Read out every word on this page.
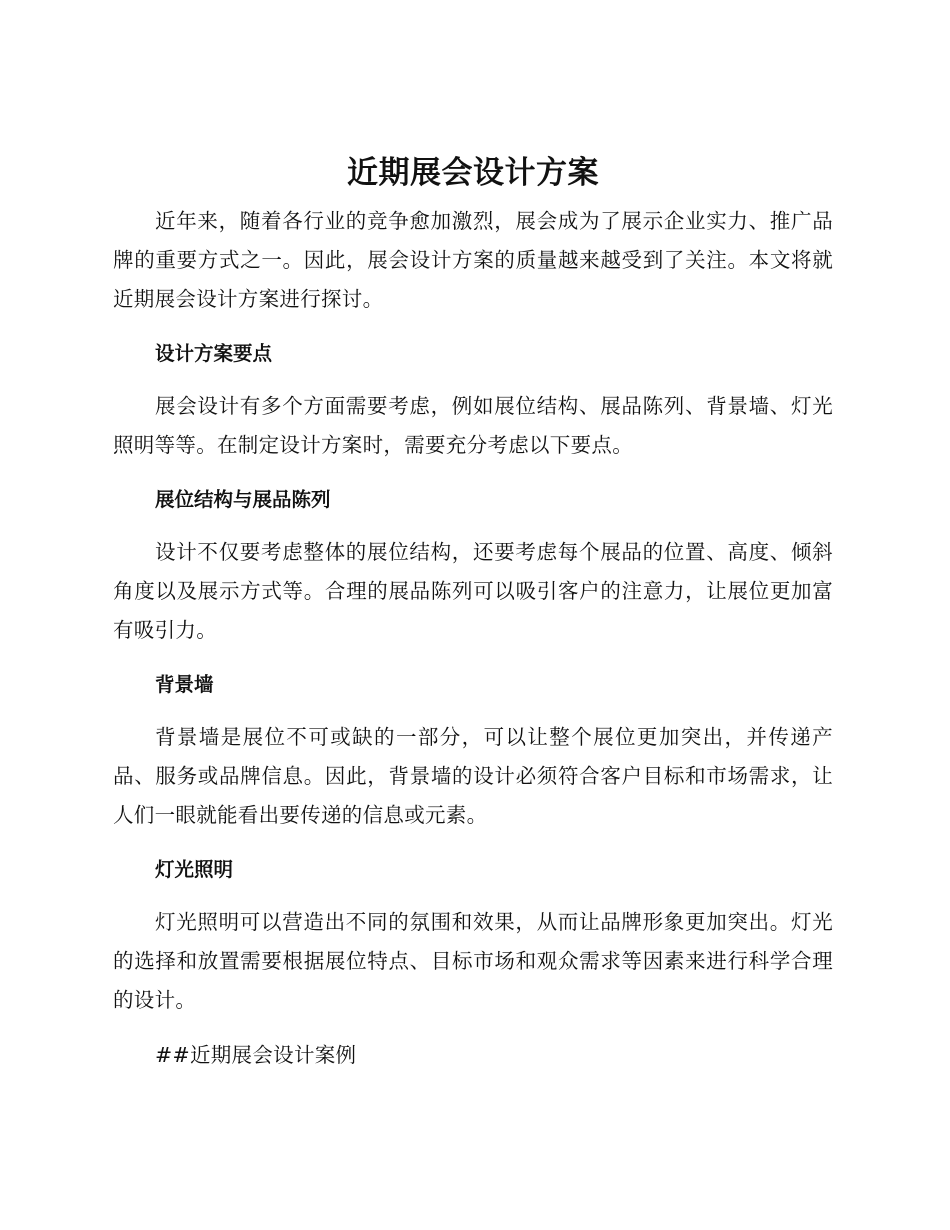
近期展会设计方案

近年来，随着各行业的竞争愈加激烈，展会成为了展示企业实力、推广品牌的重要方式之一。因此，展会设计方案的质量越来越受到了关注。本文将就近期展会设计方案进行探讨。

设计方案要点

展会设计有多个方面需要考虑，例如展位结构、展品陈列、背景墙、灯光照明等等。在制定设计方案时，需要充分考虑以下要点。

展位结构与展品陈列

设计不仅要考虑整体的展位结构，还要考虑每个展品的位置、高度、倾斜角度以及展示方式等。合理的展品陈列可以吸引客户的注意力，让展位更加富有吸引力。

背景墙

背景墙是展位不可或缺的一部分，可以让整个展位更加突出，并传递产品、服务或品牌信息。因此，背景墙的设计必须符合客户目标和市场需求，让人们一眼就能看出要传递的信息或元素。

灯光照明

灯光照明可以营造出不同的氛围和效果，从而让品牌形象更加突出。灯光的选择和放置需要根据展位特点、目标市场和观众需求等因素来进行科学合理的设计。

##近期展会设计案例
